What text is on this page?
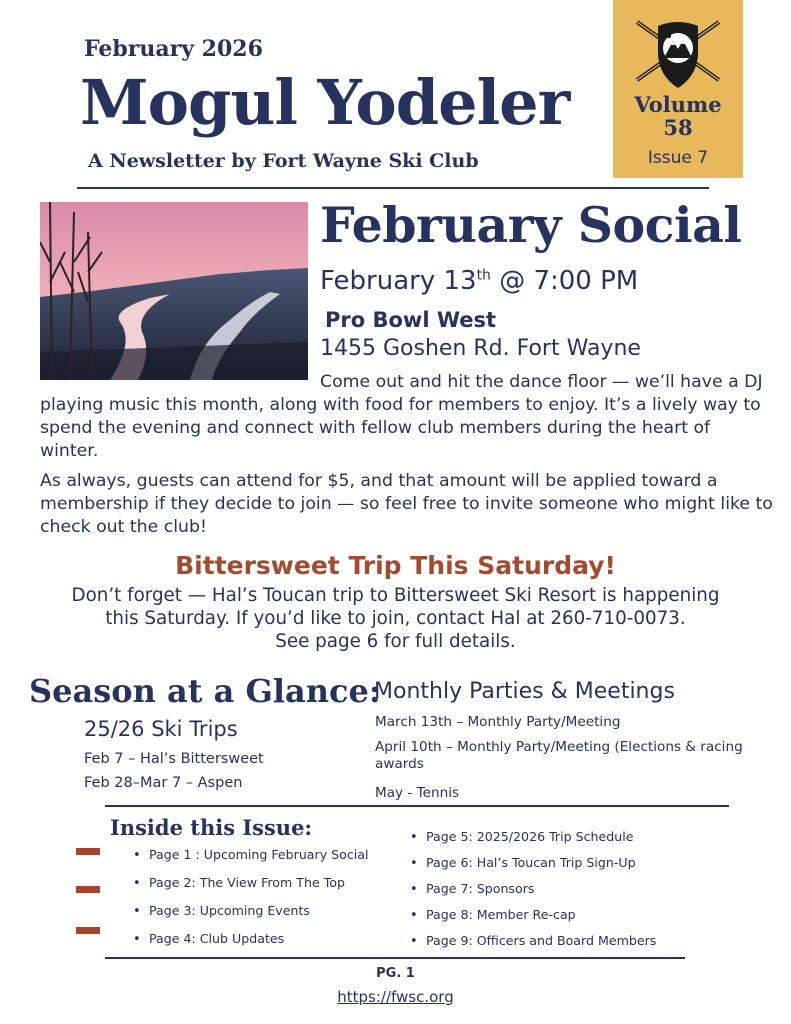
February 2026
Mogul Yodeler
A Newsletter by Fort Wayne Ski Club
Volume
58
Issue 7
February Social
February 13th @ 7:00 PM
Pro Bowl West
1455 Goshen Rd. Fort Wayne
Come out and hit the dance floor — we’ll have a DJ playing music this month, along with food for members to enjoy. It’s a lively way to spend the evening and connect with fellow club members during the heart of winter.
As always, guests can attend for $5, and that amount will be applied toward a membership if they decide to join — so feel free to invite someone who might like to check out the club!
Bittersweet Trip This Saturday!
Don’t forget — Hal’s Toucan trip to Bittersweet Ski Resort is happening
this Saturday. If you’d like to join, contact Hal at 260-710-0073.
See page 6 for full details.
Season at a Glance:
25/26 Ski Trips
Feb 7 – Hal’s Bittersweet
Feb 28–Mar 7 – Aspen
Monthly Parties & Meetings
March 13th – Monthly Party/Meeting
April 10th – Monthly Party/Meeting (Elections & racing awards
May - Tennis
Inside this Issue:
• Page 1 : Upcoming February Social
• Page 2: The View From The Top
• Page 3: Upcoming Events
• Page 4: Club Updates
• Page 5: 2025/2026 Trip Schedule
• Page 6: Hal’s Toucan Trip Sign-Up
• Page 7: Sponsors
• Page 8: Member Re-cap
• Page 9: Officers and Board Members
PG. 1
https://fwsc.org
